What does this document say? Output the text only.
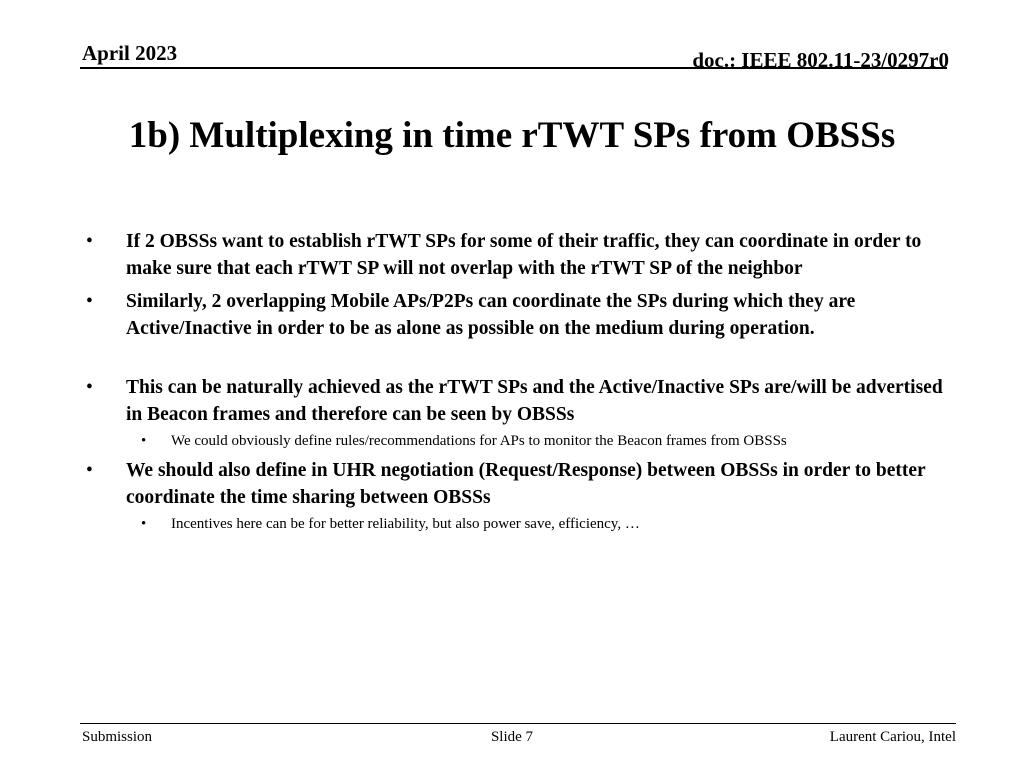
April 2023	doc.: IEEE 802.11-23/0297r0
1b) Multiplexing in time rTWT SPs from OBSSs
• If 2 OBSSs want to establish rTWT SPs for some of their traffic, they can coordinate in order to make sure that each rTWT SP will not overlap with the rTWT SP of the neighbor
• Similarly, 2 overlapping Mobile APs/P2Ps can coordinate the SPs during which they are Active/Inactive in order to be as alone as possible on the medium during operation.
• This can be naturally achieved as the rTWT SPs and the Active/Inactive SPs are/will be advertised in Beacon frames and therefore can be seen by OBSSs
• We could obviously define rules/recommendations for APs to monitor the Beacon frames from OBSSs
• We should also define in UHR negotiation (Request/Response) between OBSSs in order to better coordinate the time sharing between OBSSs
• Incentives here can be for better reliability, but also power save, efficiency, …
Submission	Slide 7	Laurent Cariou, Intel
